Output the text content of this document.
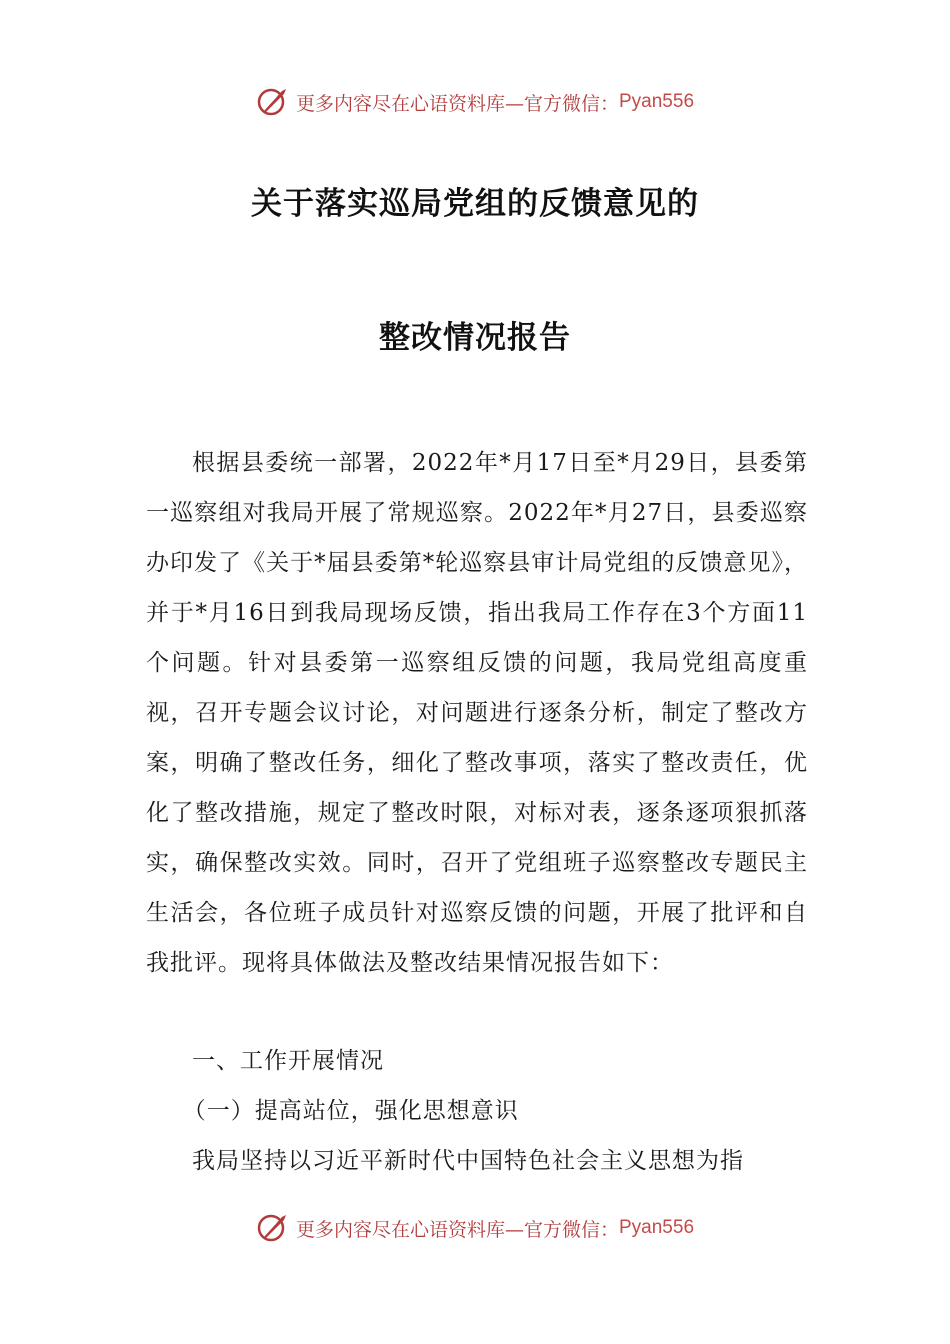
更多内容尽在心语资料库—官方微信： Pyan556
关于落实巡局党组的反馈意见的
整改情况报告

根据县委统一部署，2022年*月17日至*月29日，县委第一巡察组对我局开展了常规巡察。2022年*月27日，县委巡察办印发了《关于*届县委第*轮巡察县审计局党组的反馈意见》，并于*月16日到我局现场反馈，指出我局工作存在3个方面11个问题。针对县委第一巡察组反馈的问题，我局党组高度重视，召开专题会议讨论，对问题进行逐条分析，制定了整改方案，明确了整改任务，细化了整改事项，落实了整改责任，优化了整改措施，规定了整改时限，对标对表，逐条逐项狠抓落实，确保整改实效。同时，召开了党组班子巡察整改专题民主生活会，各位班子成员针对巡察反馈的问题，开展了批评和自我批评。现将具体做法及整改结果情况报告如下：

一、工作开展情况

（一）提高站位，强化思想意识

我局坚持以习近平新时代中国特色社会主义思想为指

更多内容尽在心语资料库—官方微信： Pyan556
